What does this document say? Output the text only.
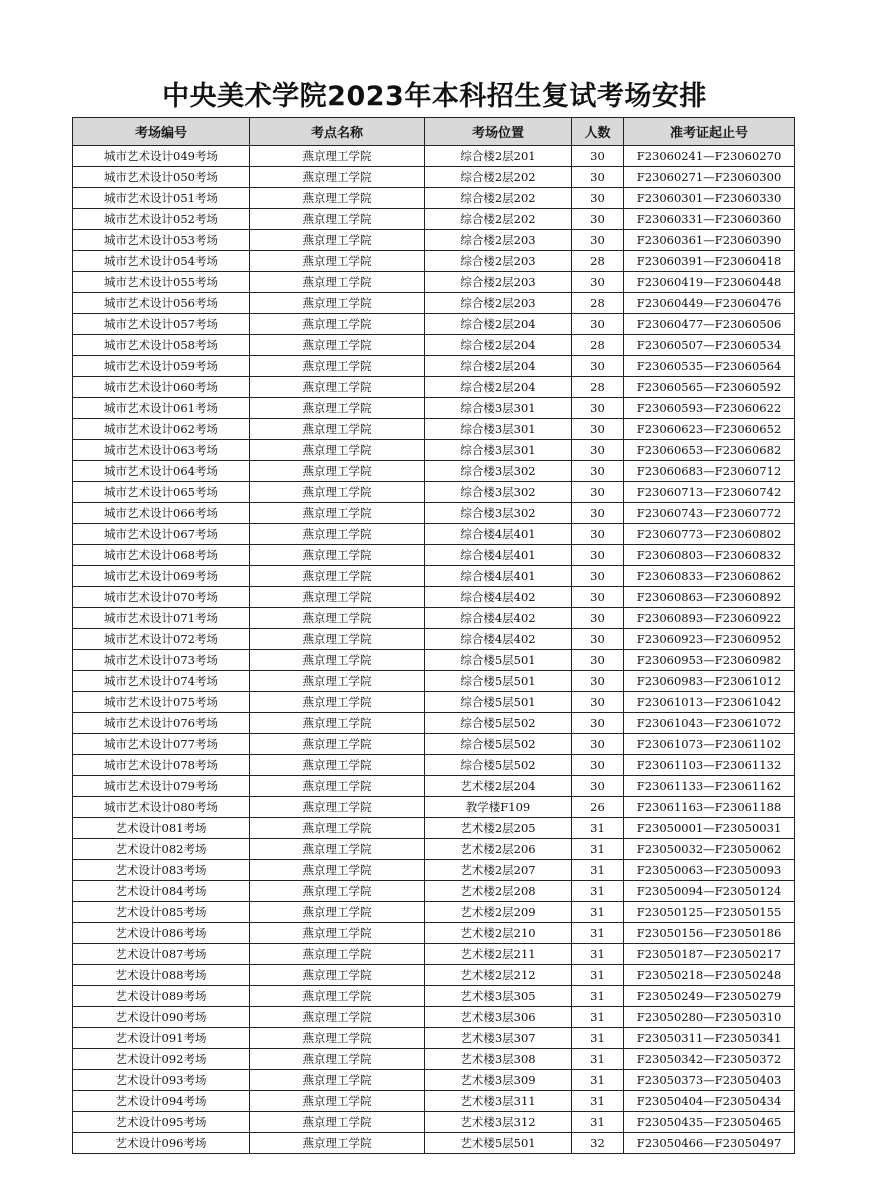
中央美术学院2023年本科招生复试考场安排
考场编号	考点名称	考场位置	人数	准考证起止号
城市艺术设计049考场	燕京理工学院	综合楼2层201	30	F23060241—F23060270
城市艺术设计050考场	燕京理工学院	综合楼2层202	30	F23060271—F23060300
城市艺术设计051考场	燕京理工学院	综合楼2层202	30	F23060301—F23060330
城市艺术设计052考场	燕京理工学院	综合楼2层202	30	F23060331—F23060360
城市艺术设计053考场	燕京理工学院	综合楼2层203	30	F23060361—F23060390
城市艺术设计054考场	燕京理工学院	综合楼2层203	28	F23060391—F23060418
城市艺术设计055考场	燕京理工学院	综合楼2层203	30	F23060419—F23060448
城市艺术设计056考场	燕京理工学院	综合楼2层203	28	F23060449—F23060476
城市艺术设计057考场	燕京理工学院	综合楼2层204	30	F23060477—F23060506
城市艺术设计058考场	燕京理工学院	综合楼2层204	28	F23060507—F23060534
城市艺术设计059考场	燕京理工学院	综合楼2层204	30	F23060535—F23060564
城市艺术设计060考场	燕京理工学院	综合楼2层204	28	F23060565—F23060592
城市艺术设计061考场	燕京理工学院	综合楼3层301	30	F23060593—F23060622
城市艺术设计062考场	燕京理工学院	综合楼3层301	30	F23060623—F23060652
城市艺术设计063考场	燕京理工学院	综合楼3层301	30	F23060653—F23060682
城市艺术设计064考场	燕京理工学院	综合楼3层302	30	F23060683—F23060712
城市艺术设计065考场	燕京理工学院	综合楼3层302	30	F23060713—F23060742
城市艺术设计066考场	燕京理工学院	综合楼3层302	30	F23060743—F23060772
城市艺术设计067考场	燕京理工学院	综合楼4层401	30	F23060773—F23060802
城市艺术设计068考场	燕京理工学院	综合楼4层401	30	F23060803—F23060832
城市艺术设计069考场	燕京理工学院	综合楼4层401	30	F23060833—F23060862
城市艺术设计070考场	燕京理工学院	综合楼4层402	30	F23060863—F23060892
城市艺术设计071考场	燕京理工学院	综合楼4层402	30	F23060893—F23060922
城市艺术设计072考场	燕京理工学院	综合楼4层402	30	F23060923—F23060952
城市艺术设计073考场	燕京理工学院	综合楼5层501	30	F23060953—F23060982
城市艺术设计074考场	燕京理工学院	综合楼5层501	30	F23060983—F23061012
城市艺术设计075考场	燕京理工学院	综合楼5层501	30	F23061013—F23061042
城市艺术设计076考场	燕京理工学院	综合楼5层502	30	F23061043—F23061072
城市艺术设计077考场	燕京理工学院	综合楼5层502	30	F23061073—F23061102
城市艺术设计078考场	燕京理工学院	综合楼5层502	30	F23061103—F23061132
城市艺术设计079考场	燕京理工学院	艺术楼2层204	30	F23061133—F23061162
城市艺术设计080考场	燕京理工学院	教学楼F109	26	F23061163—F23061188
艺术设计081考场	燕京理工学院	艺术楼2层205	31	F23050001—F23050031
艺术设计082考场	燕京理工学院	艺术楼2层206	31	F23050032—F23050062
艺术设计083考场	燕京理工学院	艺术楼2层207	31	F23050063—F23050093
艺术设计084考场	燕京理工学院	艺术楼2层208	31	F23050094—F23050124
艺术设计085考场	燕京理工学院	艺术楼2层209	31	F23050125—F23050155
艺术设计086考场	燕京理工学院	艺术楼2层210	31	F23050156—F23050186
艺术设计087考场	燕京理工学院	艺术楼2层211	31	F23050187—F23050217
艺术设计088考场	燕京理工学院	艺术楼2层212	31	F23050218—F23050248
艺术设计089考场	燕京理工学院	艺术楼3层305	31	F23050249—F23050279
艺术设计090考场	燕京理工学院	艺术楼3层306	31	F23050280—F23050310
艺术设计091考场	燕京理工学院	艺术楼3层307	31	F23050311—F23050341
艺术设计092考场	燕京理工学院	艺术楼3层308	31	F23050342—F23050372
艺术设计093考场	燕京理工学院	艺术楼3层309	31	F23050373—F23050403
艺术设计094考场	燕京理工学院	艺术楼3层311	31	F23050404—F23050434
艺术设计095考场	燕京理工学院	艺术楼3层312	31	F23050435—F23050465
艺术设计096考场	燕京理工学院	艺术楼5层501	32	F23050466—F23050497
